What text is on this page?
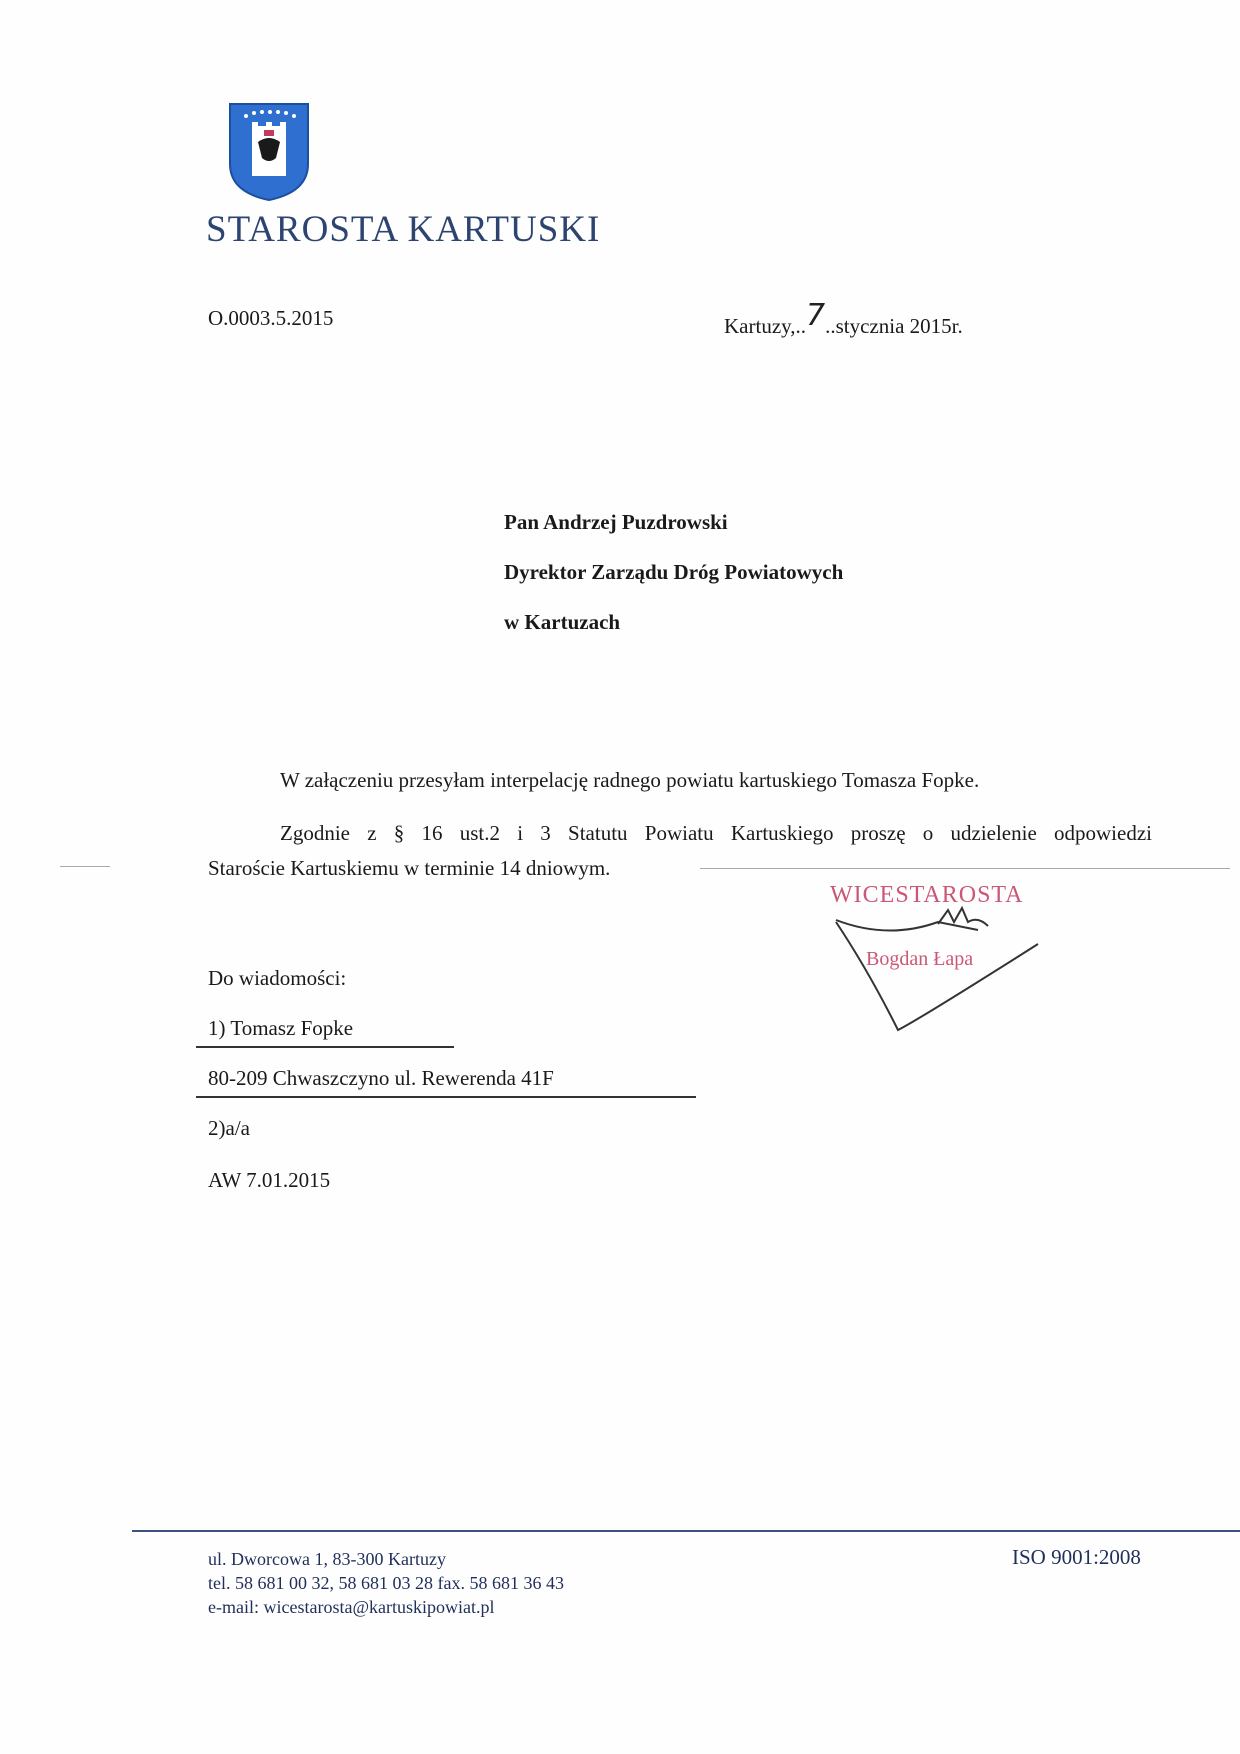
STAROSTA KARTUSKI
O.0003.5.2015	Kartuzy,..7..stycznia 2015r.
Pan Andrzej Puzdrowski
Dyrektor Zarządu Dróg Powiatowych
w Kartuzach
W załączeniu przesyłam interpelację radnego powiatu kartuskiego Tomasza Fopke.
Zgodnie z § 16 ust.2 i 3 Statutu Powiatu Kartuskiego proszę o udzielenie odpowiedzi
Staroście Kartuskiemu w terminie 14 dniowym.
WICESTAROSTA
Bogdan Łapa
Do wiadomości:
1) Tomasz Fopke
80-209 Chwaszczyno ul. Rewerenda 41F
2)a/a
AW 7.01.2015
ul. Dworcowa 1, 83-300 Kartuzy
tel. 58 681 00 32, 58 681 03 28 fax. 58 681 36 43
e-mail: wicestarosta@kartuskipowiat.pl
ISO 9001:2008
